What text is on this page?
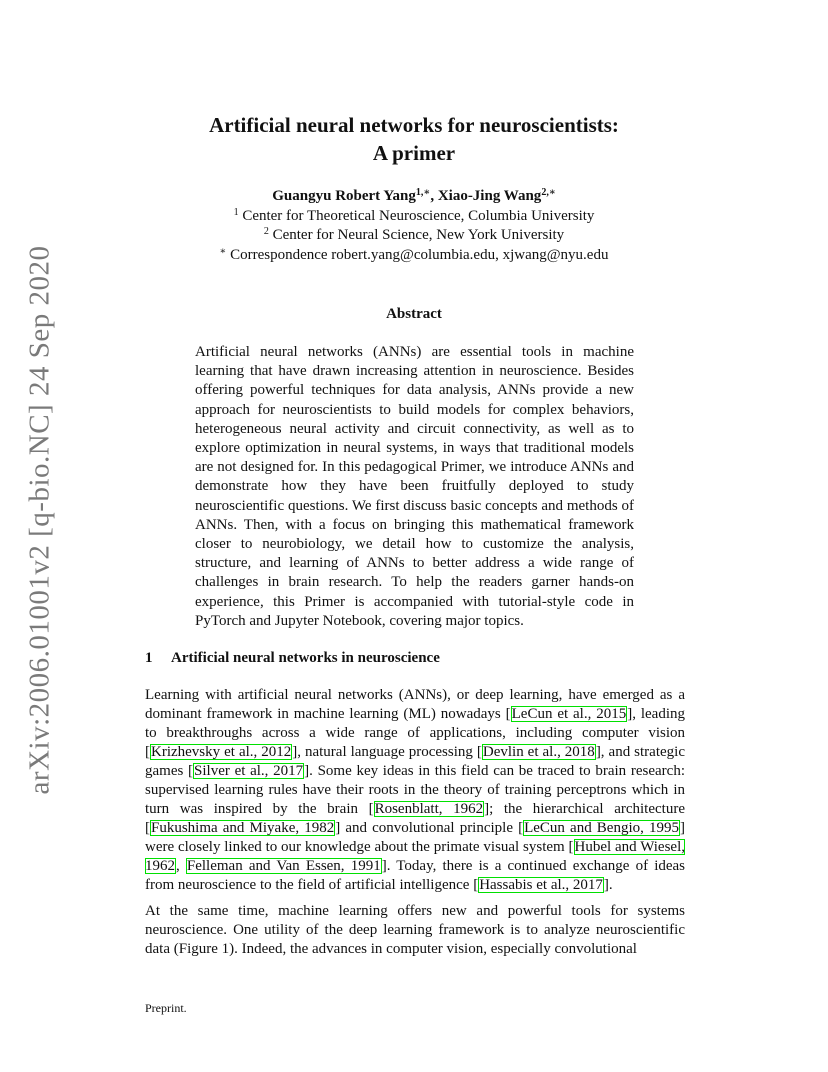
arXiv:2006.01001v2 [q-bio.NC] 24 Sep 2020
Artificial neural networks for neuroscientists:
A primer
Guangyu Robert Yang$^{1,∗}$, Xiao-Jing Wang$^{2,∗}$
$^1$ Center for Theoretical Neuroscience, Columbia University
$^2$ Center for Neural Science, New York University
∗ Correspondence robert.yang@columbia.edu, xjwang@nyu.edu
Abstract
Artificial neural networks (ANNs) are essential tools in machine learning that have drawn increasing attention in neuroscience. Besides offering powerful techniques for data analysis, ANNs provide a new approach for neuroscientists to build models for complex behaviors, heterogeneous neural activity and circuit connectivity, as well as to explore optimization in neural systems, in ways that traditional models are not designed for. In this pedagogical Primer, we introduce ANNs and demonstrate how they have been fruitfully deployed to study neuroscientific questions. We first discuss basic concepts and methods of ANNs. Then, with a focus on bringing this mathematical framework closer to neurobiology, we detail how to customize the analysis, structure, and learning of ANNs to better address a wide range of challenges in brain research. To help the readers garner hands-on experience, this Primer is accompanied with tutorial-style code in PyTorch and Jupyter Notebook, covering major topics.
1 Artificial neural networks in neuroscience

Learning with artificial neural networks (ANNs), or deep learning, have emerged as a dominant framework in machine learning (ML) nowadays [LeCun et al., 2015], leading to breakthroughs across a wide range of applications, including computer vision [Krizhevsky et al., 2012], natural language processing [Devlin et al., 2018], and strategic games [Silver et al., 2017]. Some key ideas in this field can be traced to brain research: supervised learning rules have their roots in the theory of training perceptrons which in turn was inspired by the brain [Rosenblatt, 1962]; the hierarchical architecture [Fukushima and Miyake, 1982] and convolutional principle [LeCun and Bengio, 1995] were closely linked to our knowledge about the primate visual system [Hubel and Wiesel, 1962, Felleman and Van Essen, 1991]. Today, there is a continued exchange of ideas from neuroscience to the field of artificial intelligence [Hassabis et al., 2017].

At the same time, machine learning offers new and powerful tools for systems neuroscience. One utility of the deep learning framework is to analyze neuroscientific data (Figure 1). Indeed, the advances in computer vision, especially convolutional

Preprint.
